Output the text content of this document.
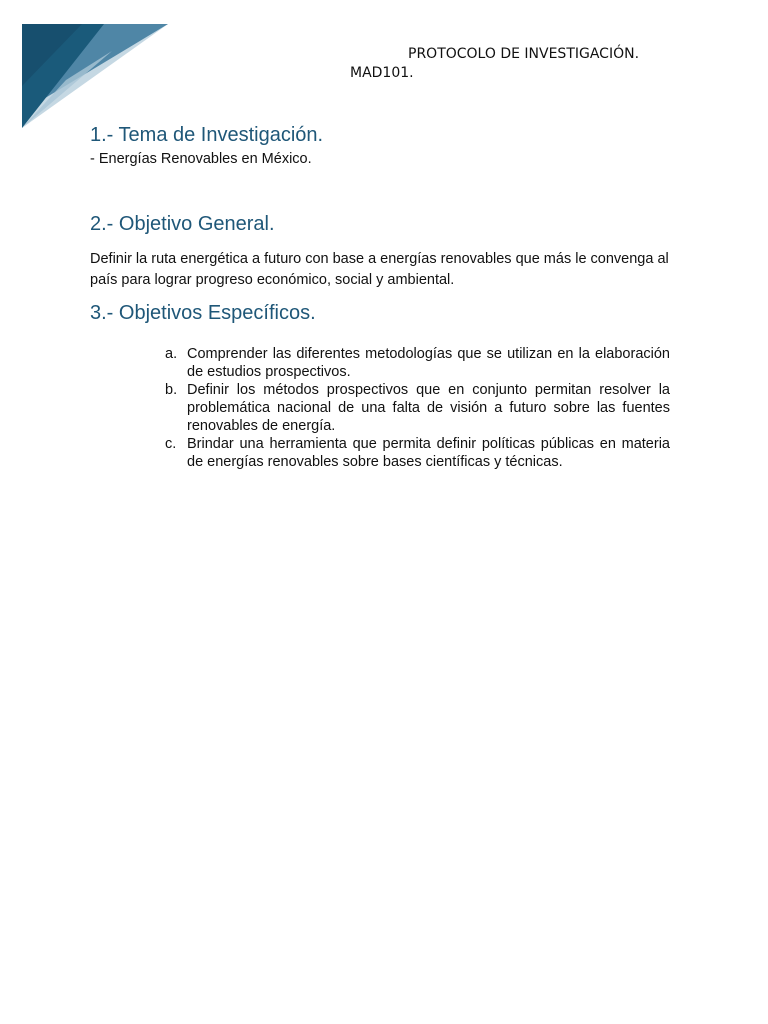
1
PROTOCOLO DE INVESTIGACIÓN.
MAD101.
1.- Tema de Investigación.
- Energías Renovables en México.
2.- Objetivo General.

Definir la ruta energética a futuro con base a energías renovables que más le convenga al país para lograr progreso económico, social y ambiental.

3.- Objetivos Específicos.
a. Comprender las diferentes metodologías que se utilizan en la elaboración de estudios prospectivos.
b. Definir los métodos prospectivos que en conjunto permitan resolver la problemática nacional de una falta de visión a futuro sobre las fuentes renovables de energía.
c. Brindar una herramienta que permita definir políticas públicas en materia de energías renovables sobre bases científicas y técnicas.
